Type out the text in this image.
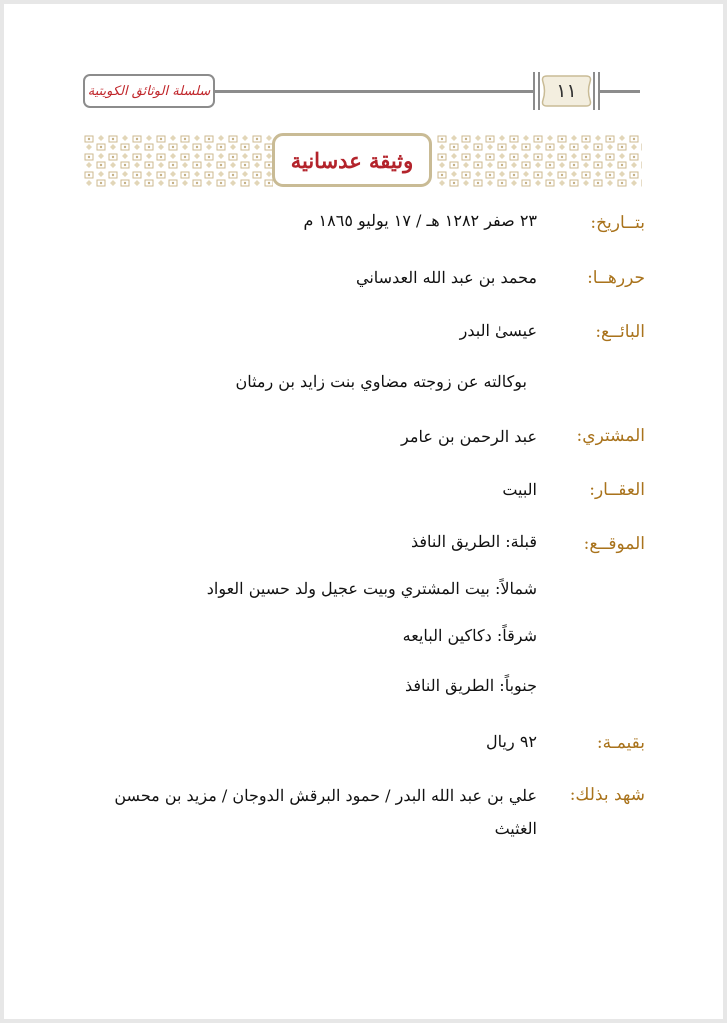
سلسلة الوثائق الكويتية	١١
وثيقة عدسانية
بتــاريخ:
٢٣ صفر ١٢٨٢ هـ / ١٧ يوليو ١٨٦٥ م
حررهــا:
محمد بن عبد الله العدساني
البائــع:
عيسىٰ البدر
بوكالته عن زوجته مضاوي بنت زايد بن رمثان
المشتري:
عبد الرحمن بن عامر
العقــار:
البيت
الموقــع:
قبلة: الطريق النافذ
شمالاً: بيت المشتري وبيت عجيل ولد حسين العواد
شرقاً: دكاكين البايعه
جنوباً: الطريق النافذ
بقيمـة:
٩٢ ريال
شهد بذلك:
علي بن عبد الله البدر / حمود البرقش الدوجان / مزيد بن محسن الغثيث
